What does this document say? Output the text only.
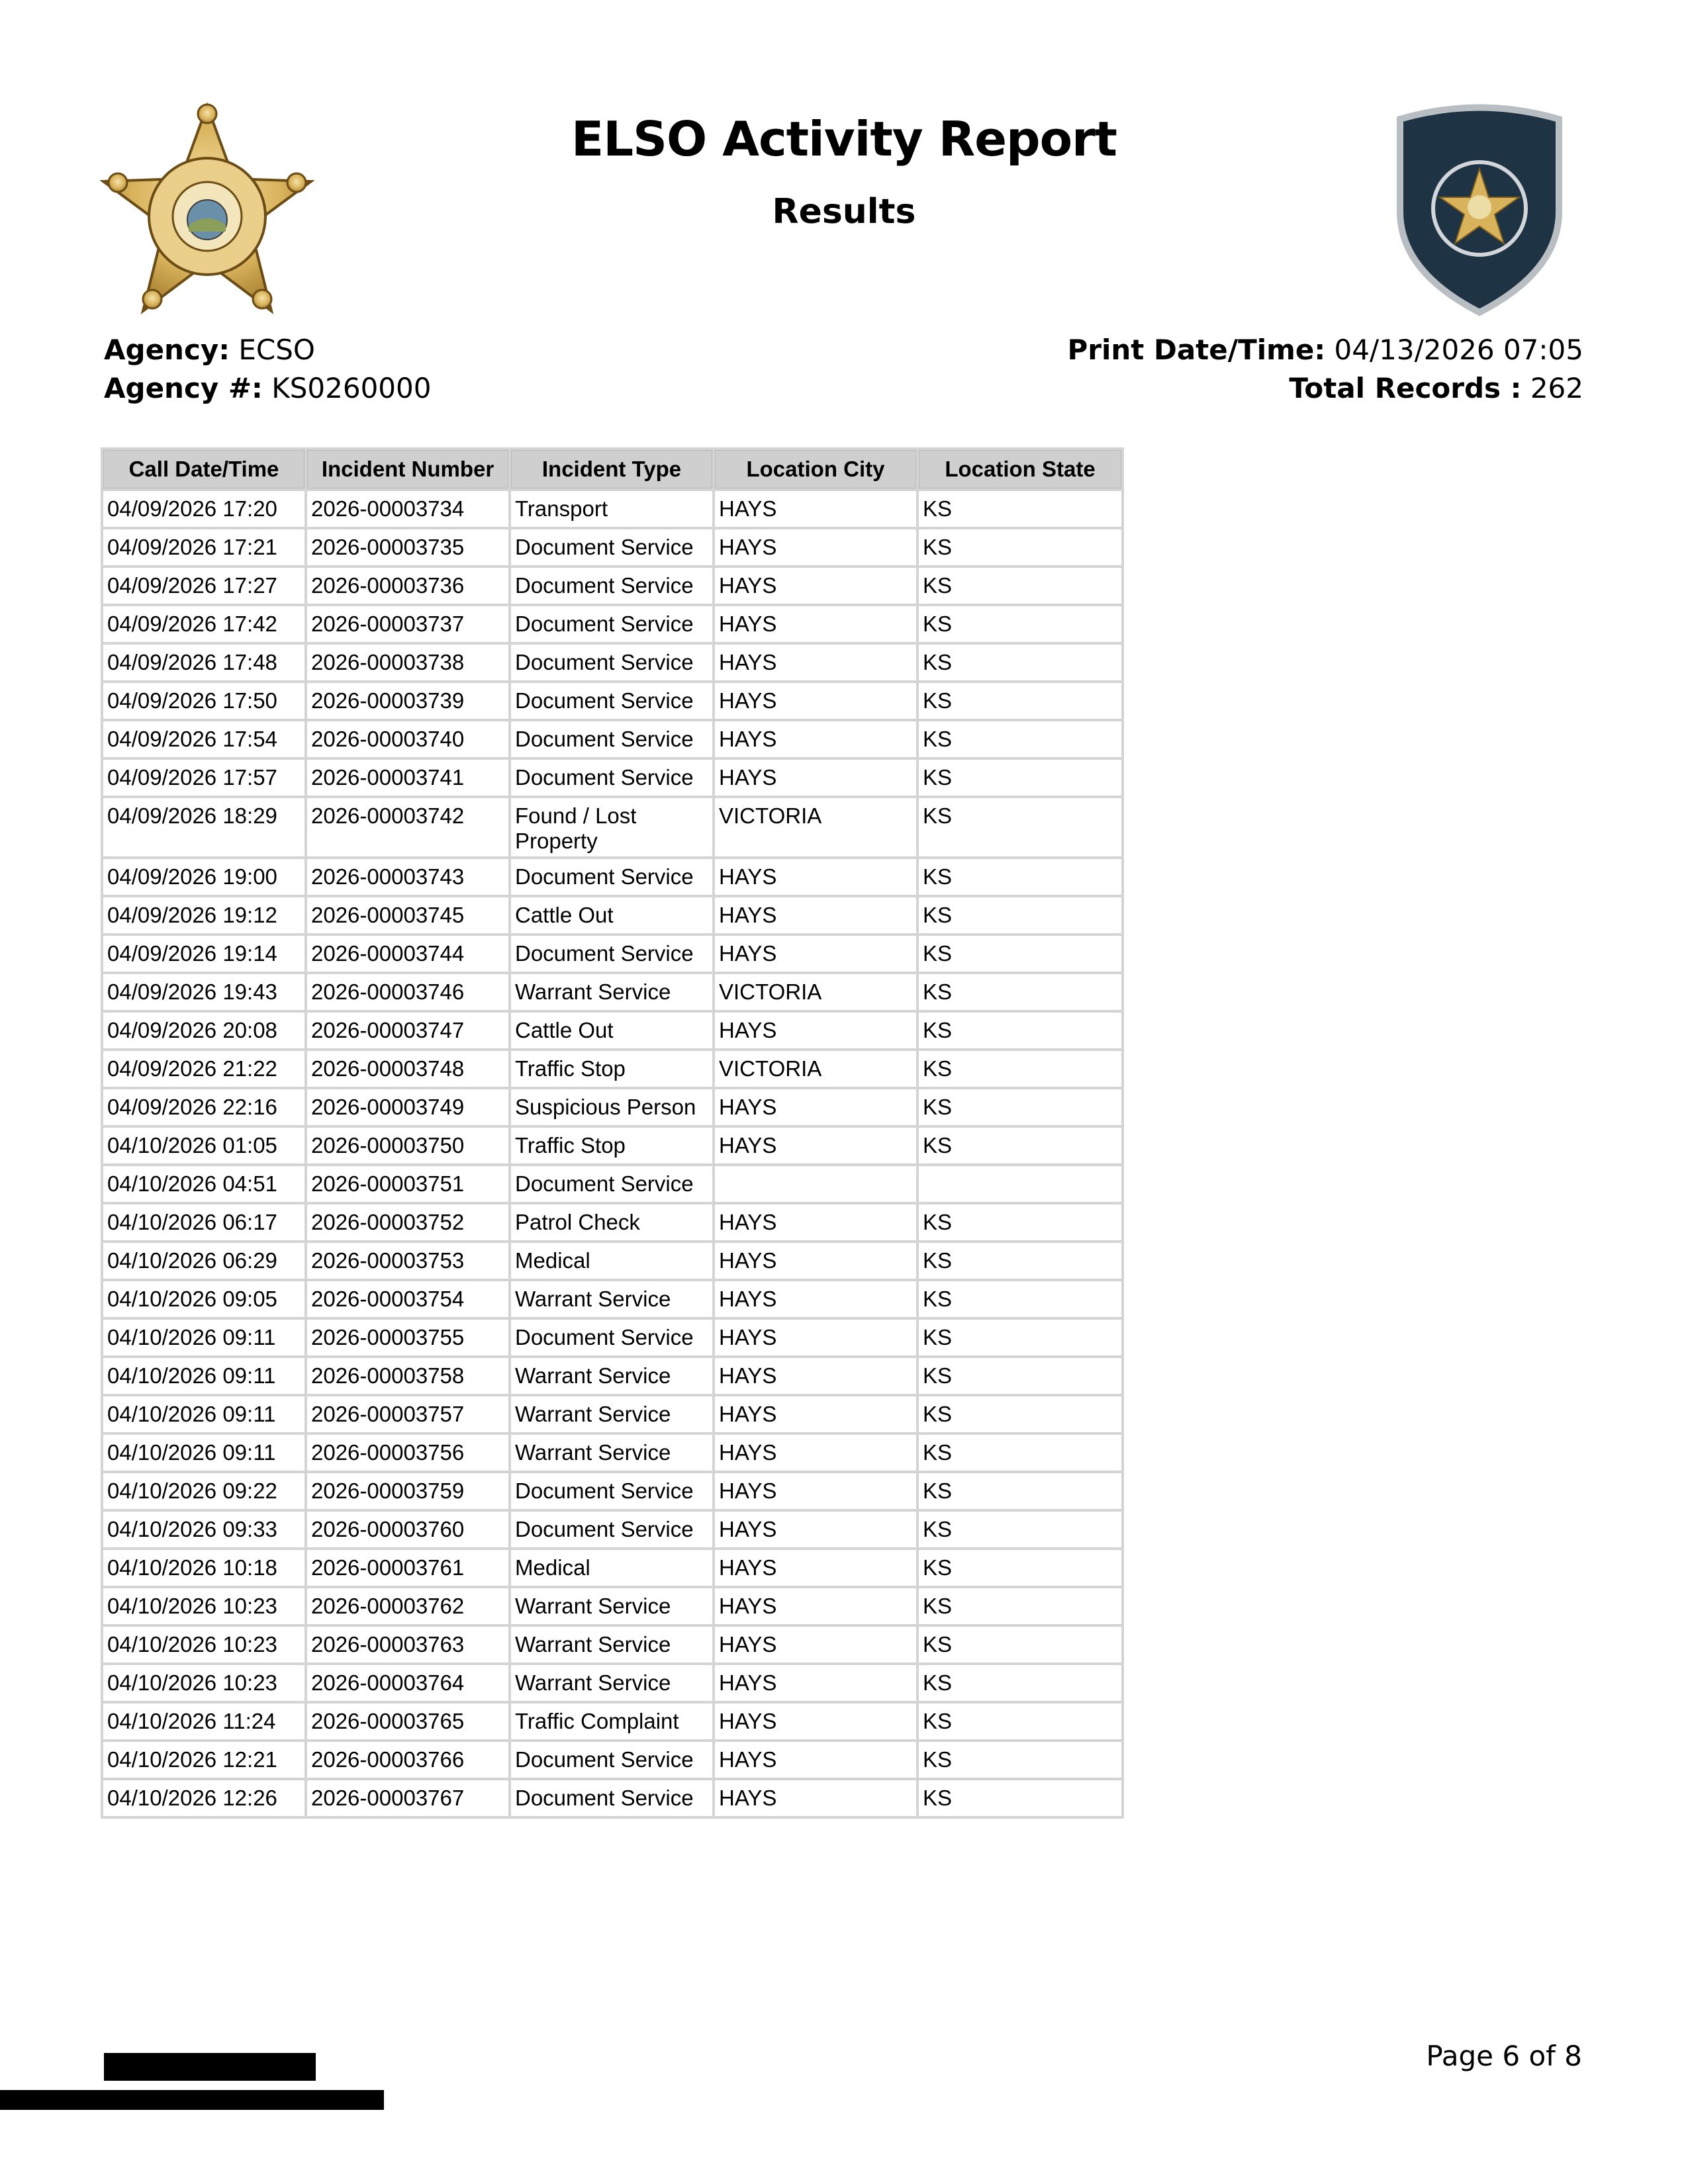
ELSO Activity Report
Results
Agency: ECSO
Agency #: KS0260000
Print Date/Time: 04/13/2026 07:05
Total Records : 262
Call Date/Time	Incident Number	Incident Type	Location City	Location State
04/09/2026 17:20	2026-00003734	Transport	HAYS	KS
04/09/2026 17:21	2026-00003735	Document Service	HAYS	KS
04/09/2026 17:27	2026-00003736	Document Service	HAYS	KS
04/09/2026 17:42	2026-00003737	Document Service	HAYS	KS
04/09/2026 17:48	2026-00003738	Document Service	HAYS	KS
04/09/2026 17:50	2026-00003739	Document Service	HAYS	KS
04/09/2026 17:54	2026-00003740	Document Service	HAYS	KS
04/09/2026 17:57	2026-00003741	Document Service	HAYS	KS
04/09/2026 18:29	2026-00003742	Found / Lost Property	VICTORIA	KS
04/09/2026 19:00	2026-00003743	Document Service	HAYS	KS
04/09/2026 19:12	2026-00003745	Cattle Out	HAYS	KS
04/09/2026 19:14	2026-00003744	Document Service	HAYS	KS
04/09/2026 19:43	2026-00003746	Warrant Service	VICTORIA	KS
04/09/2026 20:08	2026-00003747	Cattle Out	HAYS	KS
04/09/2026 21:22	2026-00003748	Traffic Stop	VICTORIA	KS
04/09/2026 22:16	2026-00003749	Suspicious Person	HAYS	KS
04/10/2026 01:05	2026-00003750	Traffic Stop	HAYS	KS
04/10/2026 04:51	2026-00003751	Document Service		
04/10/2026 06:17	2026-00003752	Patrol Check	HAYS	KS
04/10/2026 06:29	2026-00003753	Medical	HAYS	KS
04/10/2026 09:05	2026-00003754	Warrant Service	HAYS	KS
04/10/2026 09:11	2026-00003755	Document Service	HAYS	KS
04/10/2026 09:11	2026-00003758	Warrant Service	HAYS	KS
04/10/2026 09:11	2026-00003757	Warrant Service	HAYS	KS
04/10/2026 09:11	2026-00003756	Warrant Service	HAYS	KS
04/10/2026 09:22	2026-00003759	Document Service	HAYS	KS
04/10/2026 09:33	2026-00003760	Document Service	HAYS	KS
04/10/2026 10:18	2026-00003761	Medical	HAYS	KS
04/10/2026 10:23	2026-00003762	Warrant Service	HAYS	KS
04/10/2026 10:23	2026-00003763	Warrant Service	HAYS	KS
04/10/2026 10:23	2026-00003764	Warrant Service	HAYS	KS
04/10/2026 11:24	2026-00003765	Traffic Complaint	HAYS	KS
04/10/2026 12:21	2026-00003766	Document Service	HAYS	KS
04/10/2026 12:26	2026-00003767	Document Service	HAYS	KS
Page 6 of 8
